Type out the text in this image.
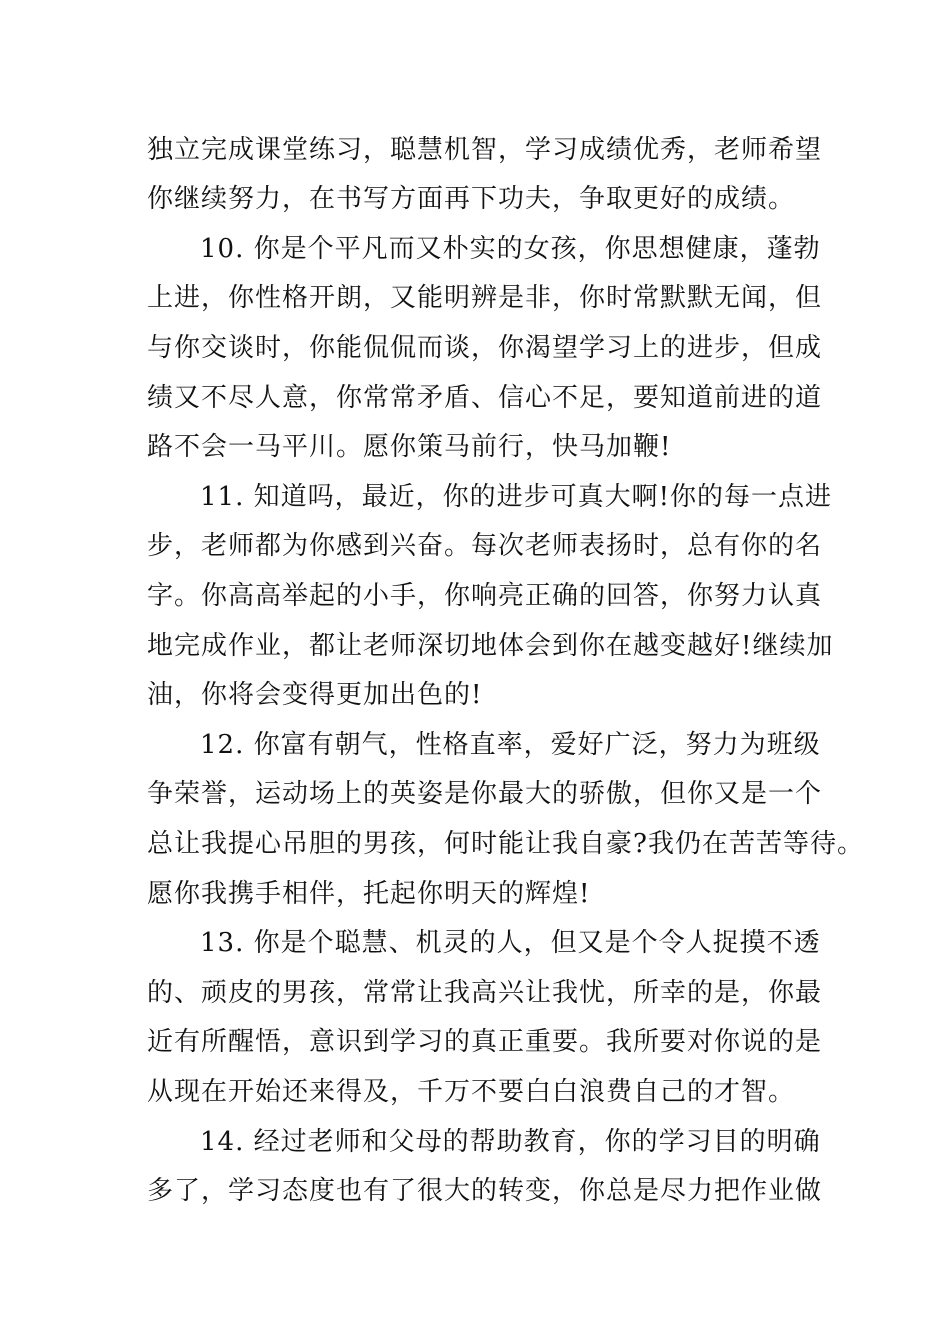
独立完成课堂练习，聪慧机智，学习成绩优秀，老师希望
你继续努力，在书写方面再下功夫，争取更好的成绩。
10. 你是个平凡而又朴实的女孩，你思想健康，蓬勃
上进，你性格开朗，又能明辨是非，你时常默默无闻，但
与你交谈时，你能侃侃而谈，你渴望学习上的进步，但成
绩又不尽人意，你常常矛盾、信心不足，要知道前进的道
路不会一马平川。愿你策马前行，快马加鞭!
11. 知道吗，最近，你的进步可真大啊!你的每一点进
步，老师都为你感到兴奋。每次老师表扬时，总有你的名
字。你高高举起的小手，你响亮正确的回答，你努力认真
地完成作业，都让老师深切地体会到你在越变越好!继续加
油，你将会变得更加出色的!
12. 你富有朝气，性格直率，爱好广泛，努力为班级
争荣誉，运动场上的英姿是你最大的骄傲，但你又是一个
总让我提心吊胆的男孩，何时能让我自豪?我仍在苦苦等待。
愿你我携手相伴，托起你明天的辉煌!
13. 你是个聪慧、机灵的人，但又是个令人捉摸不透
的、顽皮的男孩，常常让我高兴让我忧，所幸的是，你最
近有所醒悟，意识到学习的真正重要。我所要对你说的是
从现在开始还来得及，千万不要白白浪费自己的才智。
14. 经过老师和父母的帮助教育，你的学习目的明确
多了，学习态度也有了很大的转变，你总是尽力把作业做
